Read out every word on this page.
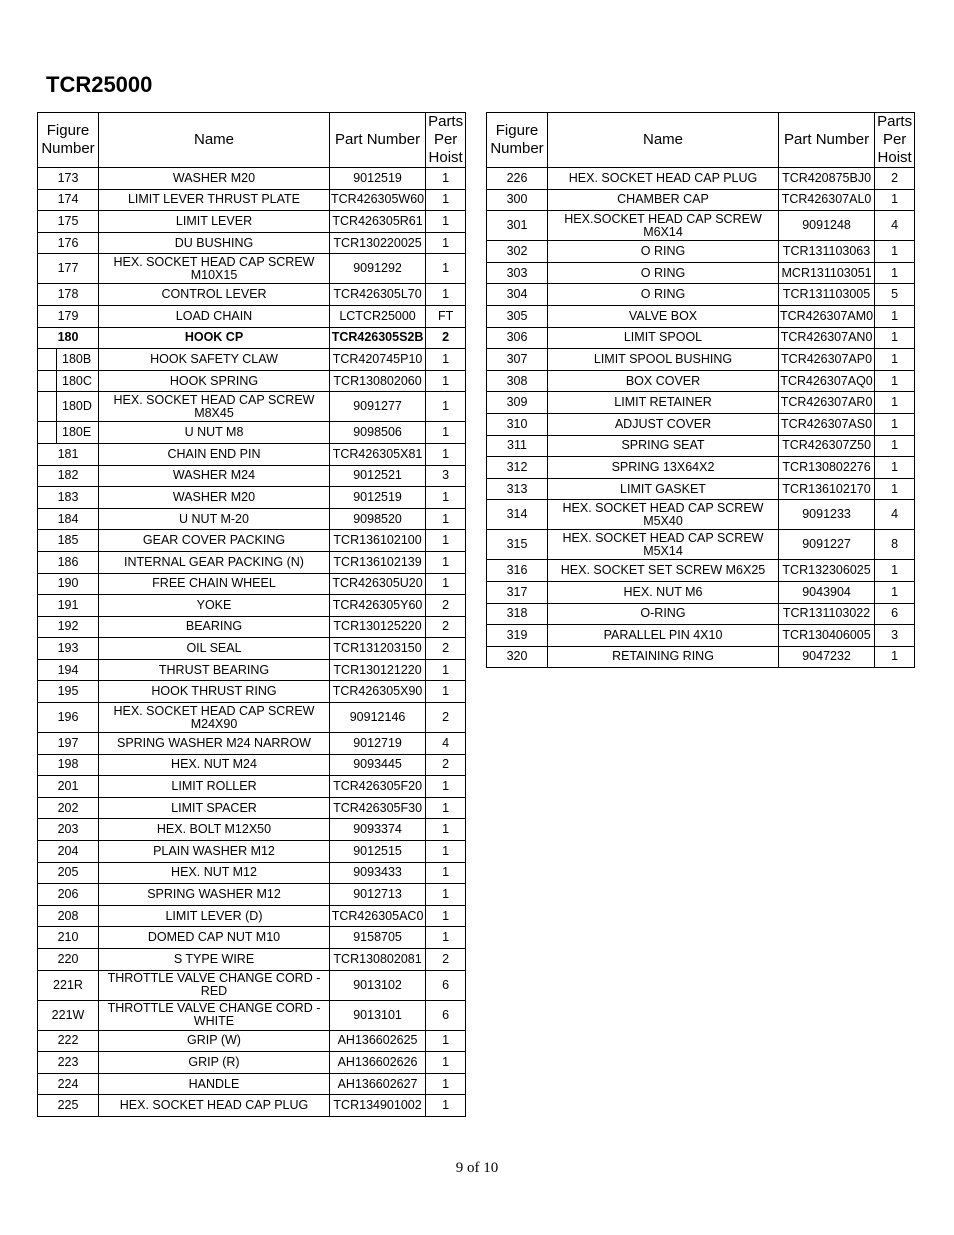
TCR25000
Figure Number	Name	Part Number	Parts Per Hoist
173	WASHER M20	9012519	1
174	LIMIT LEVER THRUST PLATE	TCR426305W60	1
175	LIMIT LEVER	TCR426305R61	1
176	DU BUSHING	TCR130220025	1
177	HEX. SOCKET HEAD CAP SCREW M10X15	9091292	1
178	CONTROL LEVER	TCR426305L70	1
179	LOAD CHAIN	LCTCR25000	FT
180	HOOK CP	TCR426305S2B	2
180B	HOOK SAFETY CLAW	TCR420745P10	1
180C	HOOK SPRING	TCR130802060	1
180D	HEX. SOCKET HEAD CAP SCREW M8X45	9091277	1
180E	U NUT M8	9098506	1
181	CHAIN END PIN	TCR426305X81	1
182	WASHER M24	9012521	3
183	WASHER M20	9012519	1
184	U NUT M-20	9098520	1
185	GEAR COVER PACKING	TCR136102100	1
186	INTERNAL GEAR PACKING (N)	TCR136102139	1
190	FREE CHAIN WHEEL	TCR426305U20	1
191	YOKE	TCR426305Y60	2
192	BEARING	TCR130125220	2
193	OIL SEAL	TCR131203150	2
194	THRUST BEARING	TCR130121220	1
195	HOOK THRUST RING	TCR426305X90	1
196	HEX. SOCKET HEAD CAP SCREW M24X90	90912146	2
197	SPRING WASHER M24 NARROW	9012719	4
198	HEX. NUT M24	9093445	2
201	LIMIT ROLLER	TCR426305F20	1
202	LIMIT SPACER	TCR426305F30	1
203	HEX. BOLT M12X50	9093374	1
204	PLAIN WASHER M12	9012515	1
205	HEX. NUT M12	9093433	1
206	SPRING WASHER M12	9012713	1
208	LIMIT LEVER (D)	TCR426305AC0	1
210	DOMED CAP NUT M10	9158705	1
220	S TYPE WIRE	TCR130802081	2
221R	THROTTLE VALVE CHANGE CORD - RED	9013102	6
221W	THROTTLE VALVE CHANGE CORD - WHITE	9013101	6
222	GRIP (W)	AH136602625	1
223	GRIP (R)	AH136602626	1
224	HANDLE	AH136602627	1
225	HEX. SOCKET HEAD CAP PLUG	TCR134901002	1
Figure Number	Name	Part Number	Parts Per Hoist
226	HEX. SOCKET HEAD CAP PLUG	TCR420875BJ0	2
300	CHAMBER CAP	TCR426307AL0	1
301	HEX.SOCKET HEAD CAP SCREW M6X14	9091248	4
302	O RING	TCR131103063	1
303	O RING	MCR131103051	1
304	O RING	TCR131103005	5
305	VALVE BOX	TCR426307AM0	1
306	LIMIT SPOOL	TCR426307AN0	1
307	LIMIT SPOOL BUSHING	TCR426307AP0	1
308	BOX COVER	TCR426307AQ0	1
309	LIMIT RETAINER	TCR426307AR0	1
310	ADJUST COVER	TCR426307AS0	1
311	SPRING SEAT	TCR426307Z50	1
312	SPRING 13X64X2	TCR130802276	1
313	LIMIT GASKET	TCR136102170	1
314	HEX. SOCKET HEAD CAP SCREW M5X40	9091233	4
315	HEX. SOCKET HEAD CAP SCREW M5X14	9091227	8
316	HEX. SOCKET SET SCREW M6X25	TCR132306025	1
317	HEX. NUT M6	9043904	1
318	O-RING	TCR131103022	6
319	PARALLEL PIN 4X10	TCR130406005	3
320	RETAINING RING	9047232	1
9 of 10
